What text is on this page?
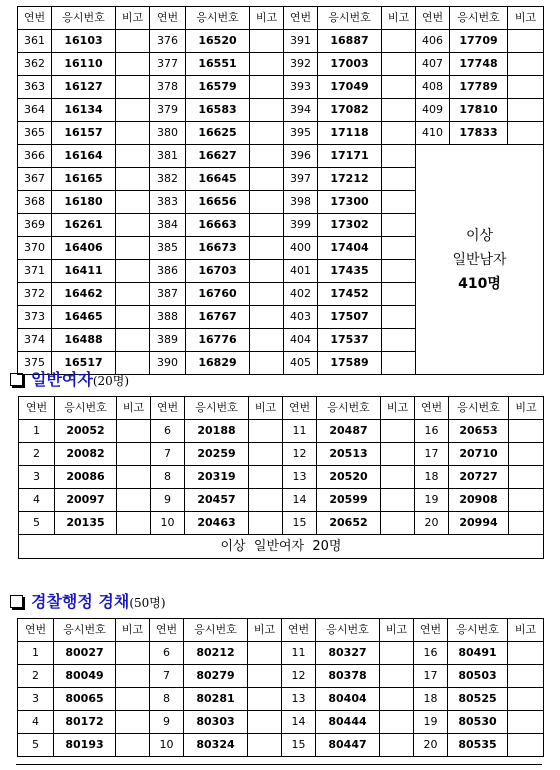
연번	응시번호	비고	연번	응시번호	비고	연번	응시번호	비고	연번	응시번호	비고
361	16103		376	16520		391	16887		406	17709	
362	16110		377	16551		392	17003		407	17748	
363	16127		378	16579		393	17049		408	17789	
364	16134		379	16583		394	17082		409	17810	
365	16157		380	16625		395	17118		410	17833	
366	16164		381	16627		396	17171		이상
일반남자
410명		

367	16165		382	16645		397	17212				
368	16180		383	16656		398	17300				
369	16261		384	16663		399	17302				
370	16406		385	16673		400	17404				
371	16411		386	16703		401	17435				
372	16462		387	16760		402	17452				
373	16465		388	16767		403	17507				
374	16488		389	16776		404	17537				
375	16517		390	16829		405	17589				
일반여자(20명)
연번	응시번호	비고	연번	응시번호	비고	연번	응시번호	비고	연번	응시번호	비고
1	20052		6	20188		11	20487		16	20653	
2	20082		7	20259		12	20513		17	20710	
3	20086		8	20319		13	20520		18	20727	
4	20097		9	20457		14	20599		19	20908	
5	20135		10	20463		15	20652		20	20994	
이상  일반여자  20명											
경찰행정 경채(50명)
연번	응시번호	비고	연번	응시번호	비고	연번	응시번호	비고	연번	응시번호	비고
1	80027		6	80212		11	80327		16	80491	
2	80049		7	80279		12	80378		17	80503	
3	80065		8	80281		13	80404		18	80525	
4	80172		9	80303		14	80444		19	80530	
5	80193		10	80324		15	80447		20	80535	
